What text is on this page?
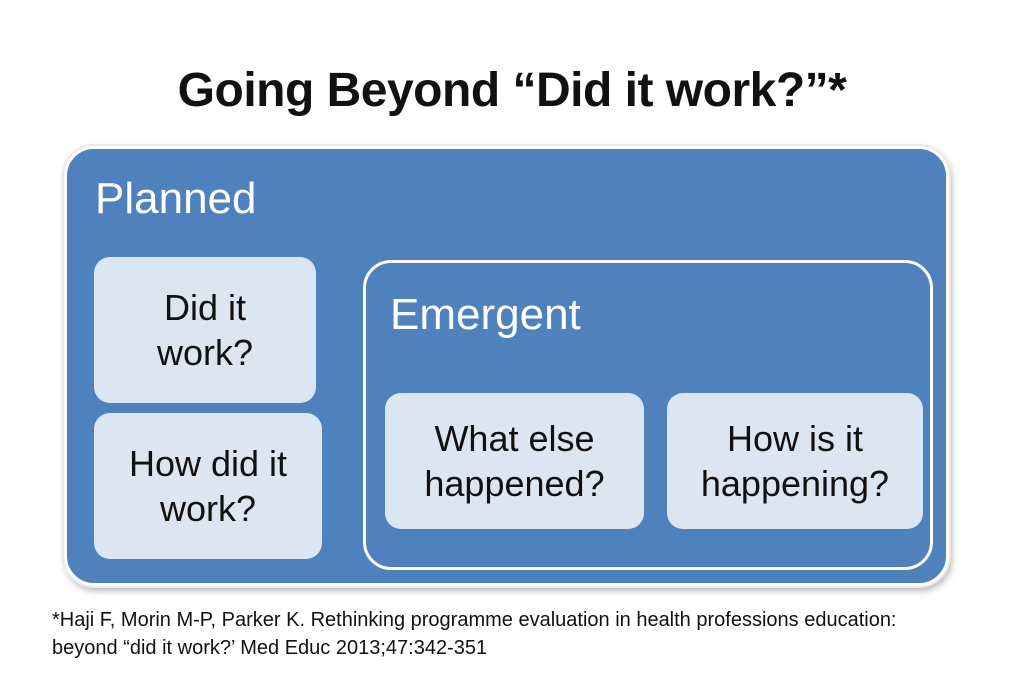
Going Beyond “Did it work?”*
Planned
Did it
work?
How did it
work?
Emergent
What else
happened?
How is it
happening?
*Haji F, Morin M-P, Parker K. Rethinking programme evaluation in health professions education:
beyond “did it work?’ Med Educ 2013;47:342-351
